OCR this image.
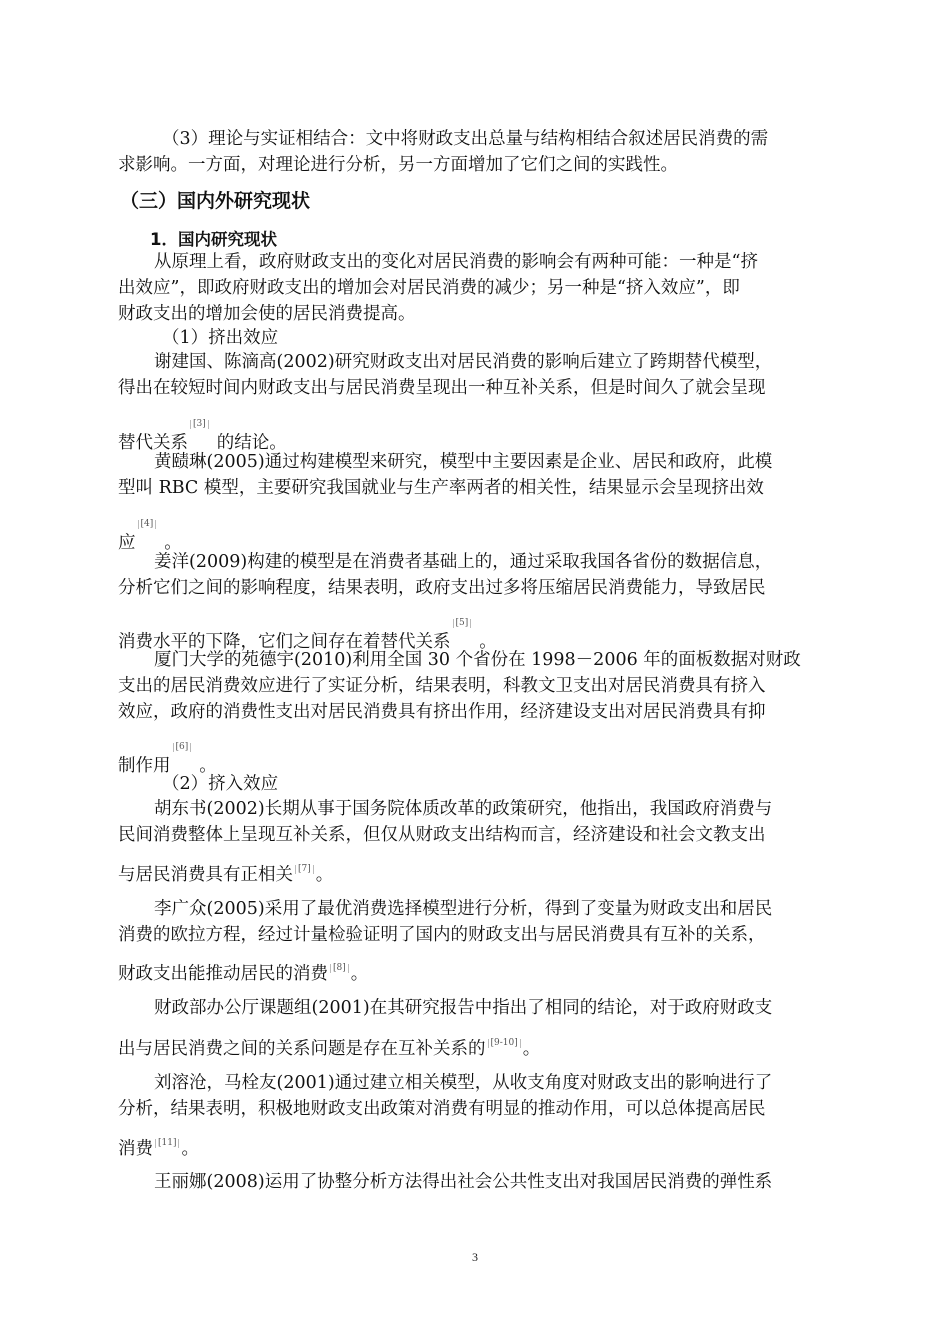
（3）理论与实证相结合：文中将财政支出总量与结构相结合叙述居民消费的需
求影响。一方面，对理论进行分析，另一方面增加了它们之间的实践性。
（三）国内外研究现状
1．国内研究现状
从原理上看，政府财政支出的变化对居民消费的影响会有两种可能：一种是“挤
出效应”，即政府财政支出的增加会对居民消费的减少；另一种是“挤入效应”，即
财政支出的增加会使的居民消费提高。
（1）挤出效应
谢建国、陈滴高(2002)研究财政支出对居民消费的影响后建立了跨期替代模型，
得出在较短时间内财政支出与居民消费呈现出一种互补关系，但是时间久了就会呈现
替代关系[3]的结论。
黄赜琳(2005)通过构建模型来研究，模型中主要因素是企业、居民和政府，此模
型叫 RBC 模型，主要研究我国就业与生产率两者的相关性，结果显示会呈现挤出效
应[4]。
姜洋(2009)构建的模型是在消费者基础上的，通过采取我国各省份的数据信息，
分析它们之间的影响程度，结果表明，政府支出过多将压缩居民消费能力，导致居民
消费水平的下降，它们之间存在着替代关系[5]。
厦门大学的苑德宇(2010)利用全国 30 个省份在 1998－2006 年的面板数据对财政
支出的居民消费效应进行了实证分析，结果表明，科教文卫支出对居民消费具有挤入
效应，政府的消费性支出对居民消费具有挤出作用，经济建设支出对居民消费具有抑
制作用[6]。
（2）挤入效应
胡东书(2002)长期从事于国务院体质改革的政策研究，他指出，我国政府消费与
民间消费整体上呈现互补关系，但仅从财政支出结构而言，经济建设和社会文教支出
与居民消费具有正相关 [7] 。
李广众(2005)采用了最优消费选择模型进行分析，得到了变量为财政支出和居民
消费的欧拉方程，经过计量检验证明了国内的财政支出与居民消费具有互补的关系，
财政支出能推动居民的消费 [8] 。
财政部办公厅课题组(2001)在其研究报告中指出了相同的结论，对于政府财政支
出与居民消费之间的关系问题是存在互补关系的 [9-10] 。
刘溶沧，马栓友(2001)通过建立相关模型，从收支角度对财政支出的影响进行了
分析，结果表明，积极地财政支出政策对消费有明显的推动作用，可以总体提高居民
消费 [11] 。
王丽娜(2008)运用了协整分析方法得出社会公共性支出对我国居民消费的弹性系
3
